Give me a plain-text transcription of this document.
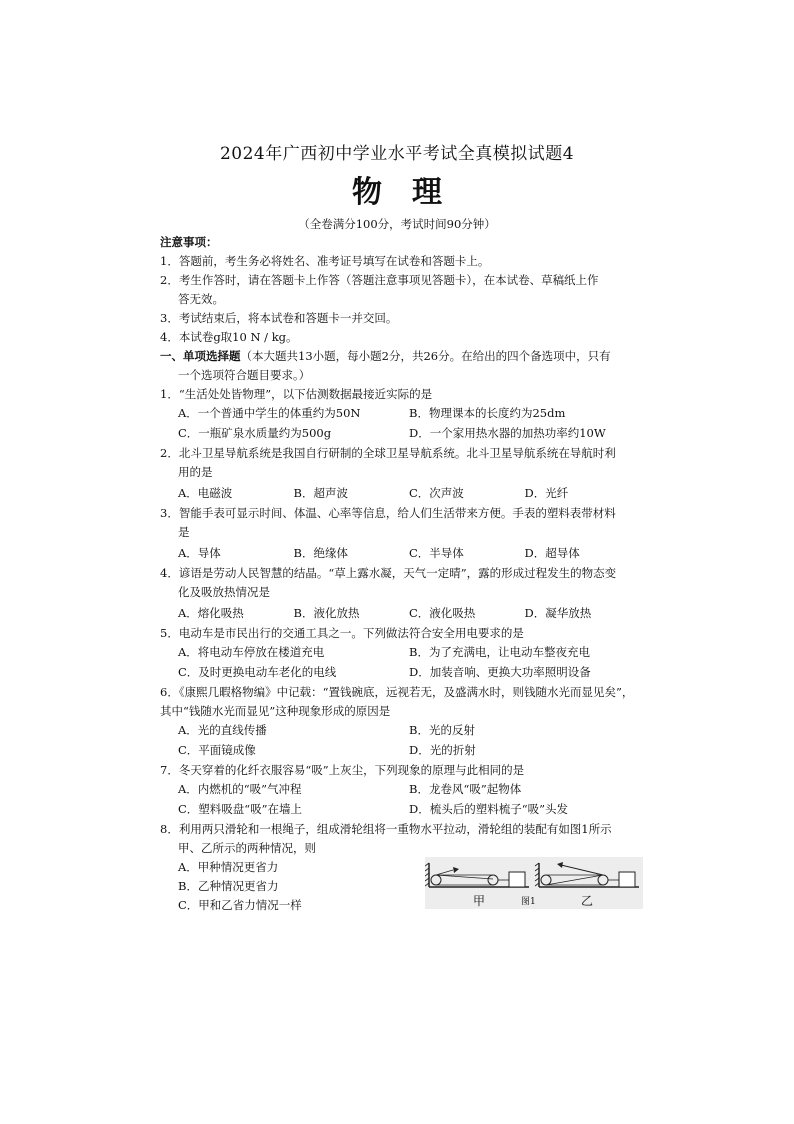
2024年广西初中学业水平考试全真模拟试题4
物理
（全卷满分100分，考试时间90分钟）
注意事项：
1．答题前，考生务必将姓名、准考证号填写在试卷和答题卡上。
2．考生作答时，请在答题卡上作答（答题注意事项见答题卡），在本试卷、草稿纸上作
答无效。
3．考试结束后，将本试卷和答题卡一并交回。
4．本试卷g取10 N / kg。
一、单项选择题（本大题共13小题，每小题2分，共26分。在给出的四个备选项中，只有
一个选项符合题目要求。）
1．“生活处处皆物理”，以下估测数据最接近实际的是
A．一个普通中学生的体重约为50N	B．物理课本的长度约为25dm
C．一瓶矿泉水质量约为500g	D．一个家用热水器的加热功率约10W
2．北斗卫星导航系统是我国自行研制的全球卫星导航系统。北斗卫星导航系统在导航时利
用的是
A．电磁波	B．超声波	C．次声波	D．光纤
3．智能手表可显示时间、体温、心率等信息，给人们生活带来方便。手表的塑料表带材料
是
A．导体	B．绝缘体	C．半导体	D．超导体
4．谚语是劳动人民智慧的结晶。“草上露水凝，天气一定晴”，露的形成过程发生的物态变
化及吸放热情况是
A．熔化吸热	B．液化放热	C．液化吸热	D．凝华放热
5．电动车是市民出行的交通工具之一。下列做法符合安全用电要求的是
A．将电动车停放在楼道充电	B．为了充满电，让电动车整夜充电
C．及时更换电动车老化的电线	D．加装音响、更换大功率照明设备
6．《康熙几暇格物编》中记载：“置钱碗底，远视若无，及盛满水时，则钱随水光而显见矣”，
其中“钱随水光而显见”这种现象形成的原因是
A．光的直线传播	B．光的反射
C．平面镜成像	D．光的折射
7．冬天穿着的化纤衣服容易“吸”上灰尘，下列现象的原理与此相同的是
A．内燃机的“吸”气冲程	B．龙卷风“吸”起物体
C．塑料吸盘“吸”在墙上	D．梳头后的塑料梳子“吸”头发
8．利用两只滑轮和一根绳子，组成滑轮组将一重物水平拉动，滑轮组的装配有如图1所示
甲、乙所示的两种情况，则
A．甲种情况更省力
B．乙种情况更省力
C．甲和乙省力情况一样	甲	图1	乙
